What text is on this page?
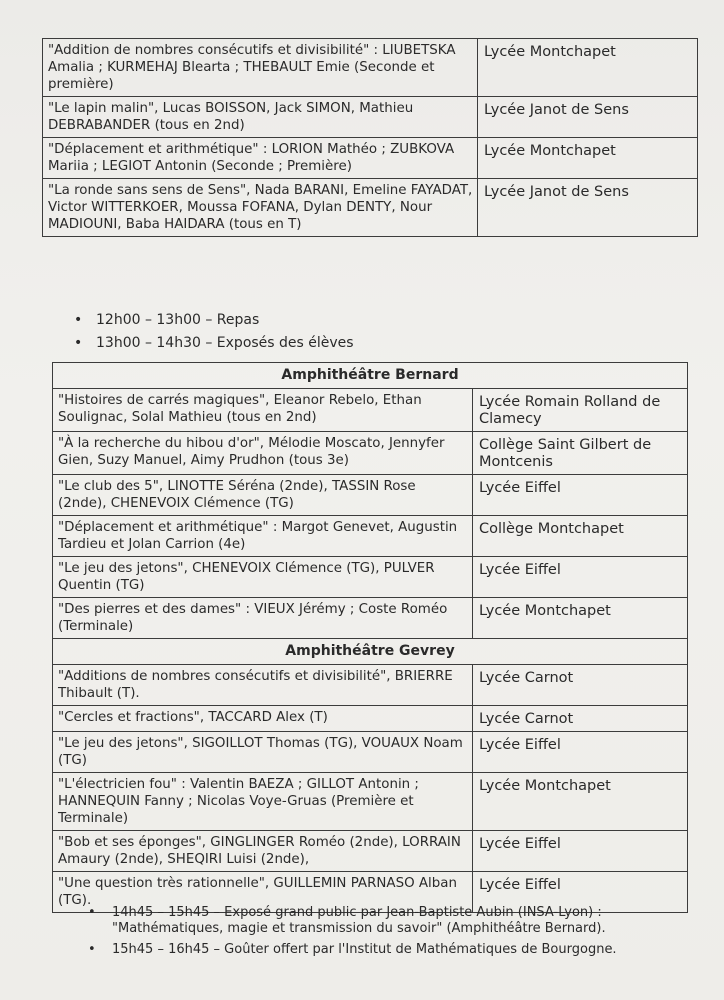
"Addition de nombres consécutifs et divisibilité" : LIUBETSKA Amalia ; KURMEHAJ Blearta ; THEBAULT Emie (Seconde et première)	Lycée Montchapet
"Le lapin malin", Lucas BOISSON, Jack SIMON, Mathieu DEBRABANDER (tous en 2nd)	Lycée Janot de Sens
"Déplacement et arithmétique" : LORION Mathéo ; ZUBKOVA Mariia ; LEGIOT Antonin (Seconde ; Première)	Lycée Montchapet
"La ronde sans sens de Sens", Nada BARANI, Emeline FAYADAT, Victor WITTERKOER, Moussa FOFANA, Dylan DENTY, Nour MADIOUNI, Baba HAIDARA (tous en T)	Lycée Janot de Sens
• 12h00 – 13h00 – Repas
• 13h00 – 14h30 – Exposés des élèves
Amphithéâtre Bernard	
"Histoires de carrés magiques", Eleanor Rebelo, Ethan Soulignac, Solal Mathieu (tous en 2nd)	Lycée Romain Rolland de Clamecy
"À la recherche du hibou d'or", Mélodie Moscato, Jennyfer Gien, Suzy Manuel, Aimy Prudhon (tous 3e)	Collège Saint Gilbert de Montcenis
"Le club des 5", LINOTTE Séréna (2nde), TASSIN Rose (2nde), CHENEVOIX Clémence (TG)	Lycée Eiffel
"Déplacement et arithmétique" : Margot Genevet, Augustin Tardieu et Jolan Carrion (4e)	Collège Montchapet
"Le jeu des jetons", CHENEVOIX Clémence (TG), PULVER Quentin (TG)	Lycée Eiffel
"Des pierres et des dames" : VIEUX Jérémy ; Coste Roméo (Terminale)	Lycée Montchapet
Amphithéâtre Gevrey	
"Additions de nombres consécutifs et divisibilité", BRIERRE Thibault (T).	Lycée Carnot
"Cercles et fractions", TACCARD Alex (T)	Lycée Carnot
"Le jeu des jetons", SIGOILLOT Thomas (TG), VOUAUX Noam (TG)	Lycée Eiffel
"L'électricien fou" : Valentin BAEZA ; GILLOT Antonin ; HANNEQUIN Fanny ; Nicolas Voye-Gruas (Première et Terminale)	Lycée Montchapet
"Bob et ses éponges", GINGLINGER Roméo (2nde), LORRAIN Amaury (2nde), SHEQIRI Luisi (2nde),	Lycée Eiffel
"Une question très rationnelle", GUILLEMIN PARNASO Alban (TG).	Lycée Eiffel
• 14h45 – 15h45 – Exposé grand public par Jean-Baptiste Aubin (INSA-Lyon) : "Mathématiques, magie et transmission du savoir" (Amphithéâtre Bernard).
• 15h45 – 16h45 – Goûter offert par l'Institut de Mathématiques de Bourgogne.
